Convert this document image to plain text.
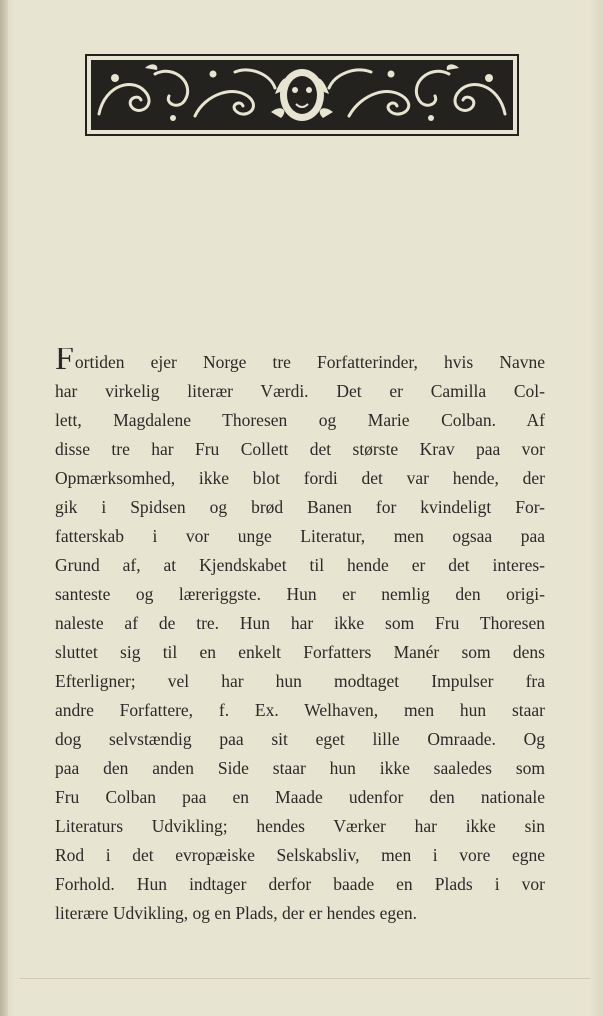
Fortiden ejer Norge tre Forfatterinder, hvis Navne
har virkelig literær Værdi. Det er Camilla Col-
lett, Magdalene Thoresen og Marie Colban. Af
disse tre har Fru Collett det største Krav paa vor
Opmærksomhed, ikke blot fordi det var hende, der
gik i Spidsen og brød Banen for kvindeligt For-
fatterskab i vor unge Literatur, men ogsaa paa
Grund af, at Kjendskabet til hende er det interes-
santeste og læreriggste. Hun er nemlig den origi-
naleste af de tre. Hun har ikke som Fru Thoresen
sluttet sig til en enkelt Forfatters Manér som dens
Efterligner; vel har hun modtaget Impulser fra
andre Forfattere, f. Ex. Welhaven, men hun staar
dog selvstændig paa sit eget lille Omraade. Og
paa den anden Side staar hun ikke saaledes som
Fru Colban paa en Maade udenfor den nationale
Literaturs Udvikling; hendes Værker har ikke sin
Rod i det evropæiske Selskabsliv, men i vore egne
Forhold. Hun indtager derfor baade en Plads i vor
literære Udvikling, og en Plads, der er hendes egen.
